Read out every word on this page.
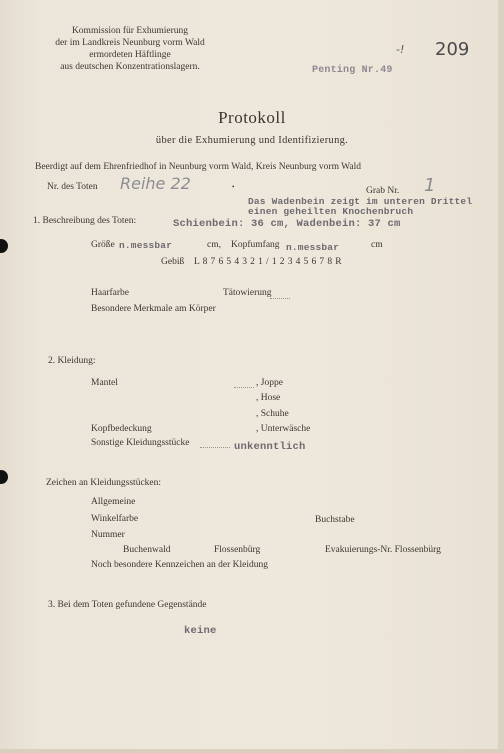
Kommission für Exhumierung
der im Landkreis Neunburg vorm Wald
ermordeten Häftlinge
aus deutschen Konzentrationslagern.
-! 209
Penting Nr.49
Protokoll
über die Exhumierung und Identifizierung.
Beerdigt auf dem Ehrenfriedhof in Neunburg vorm Wald, Kreis Neunburg vorm Wald
Nr. des Toten Reihe 22	•	Grab Nr. 1
Das Wadenbein zeigt im unteren Drittel
einen geheilten Knochenbruch
1. Beschreibung des Toten:	Schienbein: 36 cm, Wadenbein: 37 cm
Größe n.messbar	cm, Kopfumfang n.messbar	cm
Gebiß L 8 7 6 5 4 3 2 1 / 1 2 3 4 5 6 7 8 R
Haarfarbe	Tätowierung
Besondere Merkmale am Körper
2. Kleidung:
Mantel	, Joppe
, Hose
, Schuhe
Kopfbedeckung	, Unterwäsche
Sonstige Kleidungsstücke	unkenntlich
Zeichen an Kleidungsstücken:
Allgemeine
Winkelfarbe	Buchstabe
Nummer
Buchenwald	Flossenbürg	Evakuierungs-Nr. Flossenbürg
Noch besondere Kennzeichen an der Kleidung
3. Bei dem Toten gefundene Gegenstände
keine
